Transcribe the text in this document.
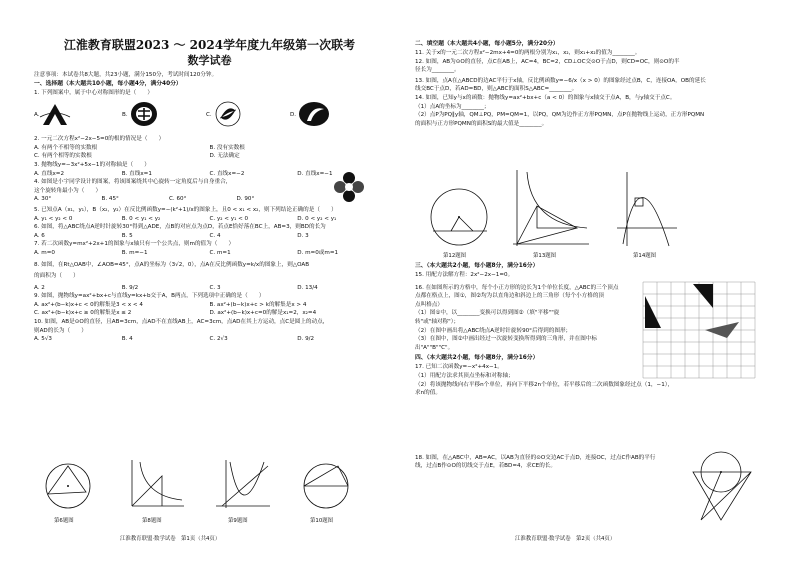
江淮教育联盟2023 ～ 2024学年度九年级第一次联考
数学试卷
注意事项：本试卷共8大题，共23小题，满分150分，考试时间120分钟。
一、选择题（本大题共10小题，每小题4分，满分40分）
1. 下列图案中，属于中心对称图形的是（　　）
A.	B.	C.	D.
2. 一元二次方程x²−2x−5=0的根的情况是（　　）
A. 有两个不相等的实数根	B. 没有实数根
C. 有两个相等的实数根	D. 无法确定
3. 抛物线y=−3x²+5x−1的对称轴是（　　）
A. 直线x=2	B. 直线x=1	C. 直线x=−2	D. 直线x=−1
4. 如图是小宇同学设计的图案，将该图案绕其中心旋转一定角度后与自身重合，
这个旋转角最小为（　　）
A. 30°	B. 45°	C. 60°	D. 90°
5. 已知点A（x₁，y₁），B（x₂，y₂）在反比例函数y=−(k²+1)/x的图象上，且0 < x₁ < x₂，则下列结论正确的是（　　）
A. y₁ < y₂ < 0	B. 0 < y₁ < y₂	C. y₂ < y₁ < 0	D. 0 < y₂ < y₁
6. 如图，将△ABC绕点A逆时针旋转30°得到△ADE，点B的对应点为点D，若点E恰好落在BC上，AB=3，则BD的长为
A. 6	B. 5	C. 4	D. 3
7. 若二次函数y=mx²+2x+1的图象与x轴只有一个公共点，则m的值为（　　）
A. m=0	B. m=−1	C. m=1	D. m=0或m=1
8. 如图，在Rt△OAB中，∠AOB=45°，点A的坐标为（3√2，0），点A在反比例函数y=k/x的图象上，则△OAB
的面积为（　　）
A. 2	B. 9/2	C. 3	D. 13/4
9. 如图，抛物线y=ax²+bx+c与直线y=kx+b交于A，B两点，下列选项中正确的是（　　）
A. ax²+(b−k)x+c < 0的解集是3 < x < 4	B. ax²+(b−k)x+c > k的解集是x > 4
C. ax²+(b−k)x+c ≥ 0的解集是x ≤ 2	D. ax²+(b−k)x+c=0的解是x₁=2，x₂=4
10. 如图，AB是⊙O的直径，且AB=3cm，点AD不在直线AB上，AC=3cm，点AD在其上方运动，点C是圆上的动点，
则AD的长为（　　）
A. 5√3	B. 4	C. 2√3	D. 9/2
第6题图	第8题图	第9题图	第10题图
江淮教育联盟·数学试卷　第1页（共4页）
二、填空题（本大题共4小题，每小题5分，满分20分）
11. 关于x的一元二次方程x²−2mx+4=0的两根分别为x₁，x₂，则x₁+x₂的值为________。
12. 如图，AB为⊙O的直径，点C在AB上，AC=4，BC=2，CD⊥OC交⊙O于点D，则CD=OC，则⊙O的半
径长为________。
13. 如图，点A在△ABCD的边AC平行于x轴，反比例函数y=−6/x（x > 0）的图象经过点B，C，连接OA，OB的延长
线交BC于点D，若AD=BD，则△ABC的面积S△ABC=________。
14. 如图，已知y与x的函数：抛物线y=ax²+bx+c（a < 0）的图象与x轴交于点A，B，与y轴交于点C。
（1）点A的坐标为________；
（2）点P为PQ∥y轴，QM⊥PQ，PM=QM=1，以PQ，QM为边作正方形PQMN，点P在抛物线上运动，正方形PQMN
的面积与正方形PQMN的面积S的最大值是________。
第12题图	第13题图	第14题图
三、（本大题共2小题，每小题8分，满分16分）
15. 用配方法解方程：2x²−2x−1=0。
16. 在如图所示的方格中，每个小正方形的边长为1个单位长度，△ABC的三个顶点
点都在格点上，图①，图②均为以直角边和斜边上的三角形（每个小方格的顶
点叫格点）
（1）图①中，以________变换可以得到图②（填"平移""旋
转"或"轴对称"）；
（2）在图中画出将△ABC绕点A逆时针旋转90°后得到的图形；
（3）在图中，图②中画出经过一次旋转变换所得到的三角形，并在图中标
出"A""B""C"。
四、（本大题共2小题，每小题8分，满分16分）
17. 已知二次函数y=−x²+4x−1。
（1）用配方法求其顶点坐标和对称轴；
（2）将该抛物线向右平移n个单位，再向下平移2n个单位，若平移后的二次函数图象经过点（1，−1），
求n的值。
18. 如图，在△ABC中，AB=AC，以AB为直径的⊙O交边AC于点D，连接OC，过点C作AB的平行
线，过点B作⊙O的切线交于点E，若BD=4，求CE的长。
江淮教育联盟·数学试卷　第2页（共4页）
